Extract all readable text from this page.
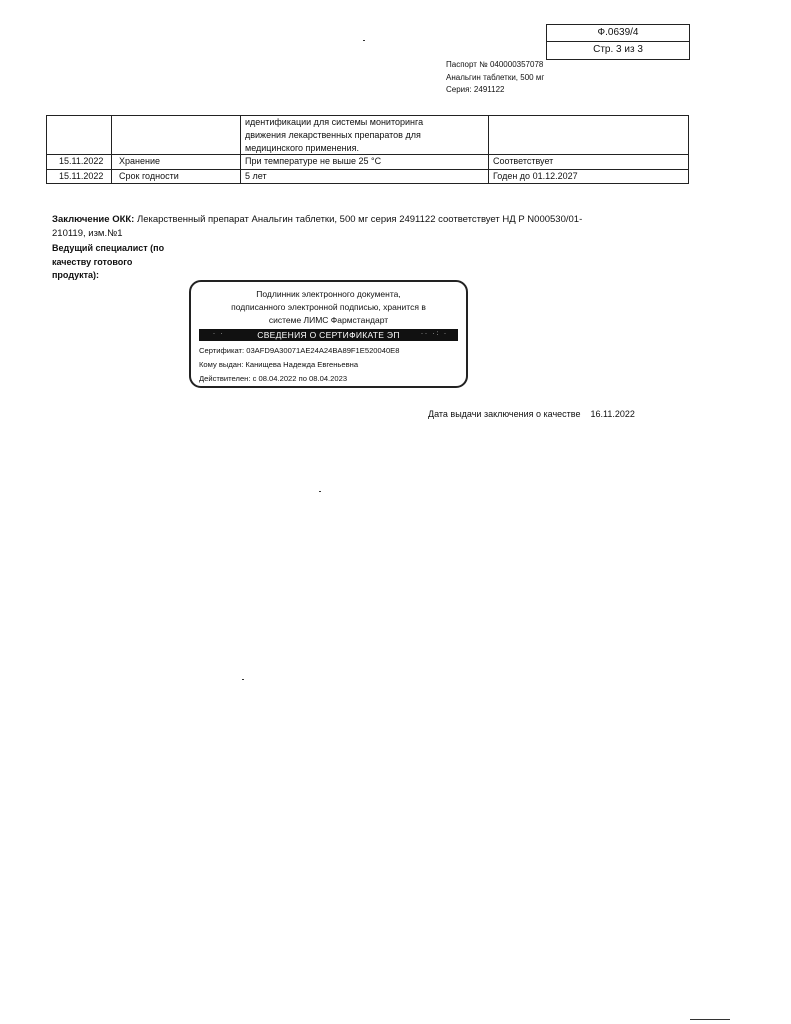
Ф.0639/4
Стр. 3 из 3
Паспорт № 040000357078
Анальгин таблетки, 500 мг
Серия: 2491122
идентификации для системы мониторинга
движения лекарственных препаратов для
медицинского применения.
15.11.2022 Хранение	При температуре не выше 25 °С	Соответствует
15.11.2022 Срок годности	5 лет	Годен до 01.12.2027
Заключение ОКК: Лекарственный препарат Анальгин таблетки, 500 мг серия 2491122 соответствует НД Р N000530/01-210119, изм.№1
Ведущий специалист (по
качеству готового
продукта):
Подлинник электронного документа,
подписанного электронной подписью, хранится в
системе ЛИМС Фармстандарт
· ·	СВЕДЕНИЯ О СЕРТИФИКАТЕ ЭП	·· ·: ·
Сертификат: 03AFD9A30071AE24A24BA89F1E520040E8
Кому выдан: Канищева Надежда Евгеньевна
Действителен: с 08.04.2022 по 08.04.2023
Дата выдачи заключения о качестве 16.11.2022
